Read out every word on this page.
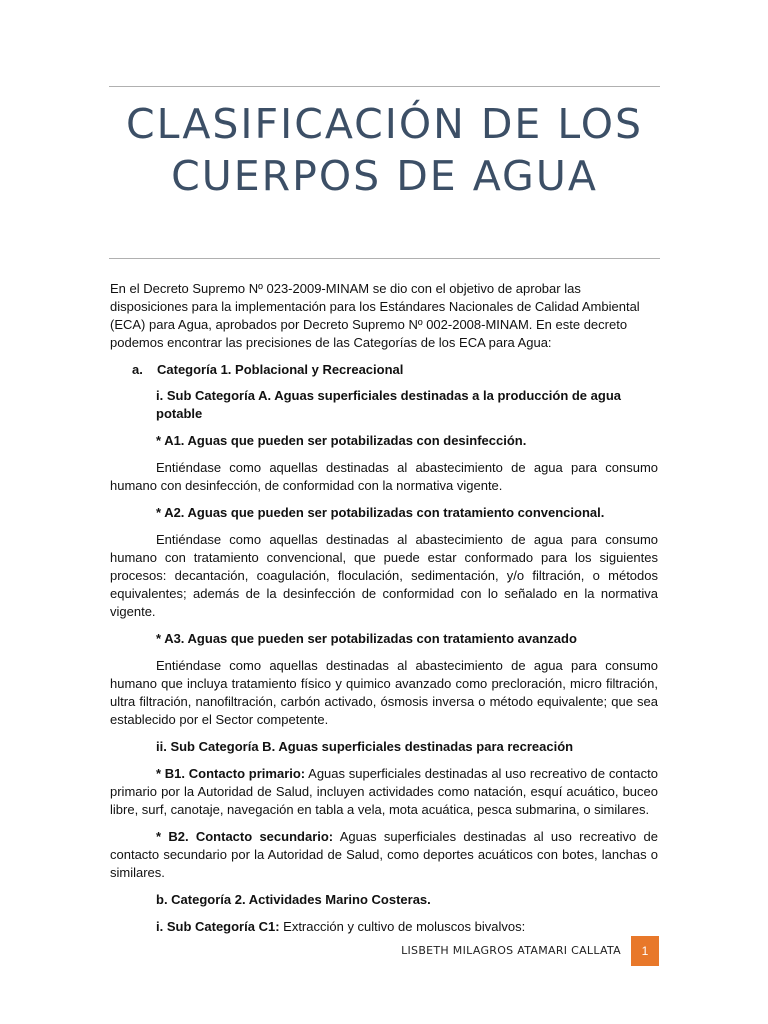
CLASIFICACIÓN DE LOS CUERPOS DE AGUA

En el Decreto Supremo Nº 023-2009-MINAM se dio con el objetivo de aprobar las disposiciones para la implementación para los Estándares Nacionales de Calidad Ambiental (ECA) para Agua, aprobados por Decreto Supremo Nº 002-2008-MINAM. En este decreto podemos encontrar las precisiones de las Categorías de los ECA para Agua:

a.	Categoría 1. Poblacional y Recreacional

i. Sub Categoría A. Aguas superficiales destinadas a la producción de agua potable

* A1. Aguas que pueden ser potabilizadas con desinfección.

Entiéndase como aquellas destinadas al abastecimiento de agua para consumo humano con desinfección, de conformidad con la normativa vigente.

* A2. Aguas que pueden ser potabilizadas con tratamiento convencional.

Entiéndase como aquellas destinadas al abastecimiento de agua para consumo humano con tratamiento convencional, que puede estar conformado para los siguientes procesos: decantación, coagulación, floculación, sedimentación, y/o filtración, o métodos equivalentes; además de la desinfección de conformidad con lo señalado en la normativa vigente.

* A3. Aguas que pueden ser potabilizadas con tratamiento avanzado

Entiéndase como aquellas destinadas al abastecimiento de agua para consumo humano que incluya tratamiento físico y quimico avanzado como precloración, micro filtración, ultra filtración, nanofiltración, carbón activado, ósmosis inversa o método equivalente; que sea establecido por el Sector competente.

ii. Sub Categoría B. Aguas superficiales destinadas para recreación

* B1. Contacto primario: Aguas superficiales destinadas al uso recreativo de contacto primario por la Autoridad de Salud, incluyen actividades como natación, esquí acuático, buceo libre, surf, canotaje, navegación en tabla a vela, mota acuática, pesca submarina, o similares.

* B2. Contacto secundario: Aguas superficiales destinadas al uso recreativo de contacto secundario por la Autoridad de Salud, como deportes acuáticos con botes, lanchas o similares.

b. Categoría 2. Actividades Marino Costeras.

i. Sub Categoría C1: Extracción y cultivo de moluscos bivalvos:

LISBETH MILAGROS ATAMARI CALLATA	1
